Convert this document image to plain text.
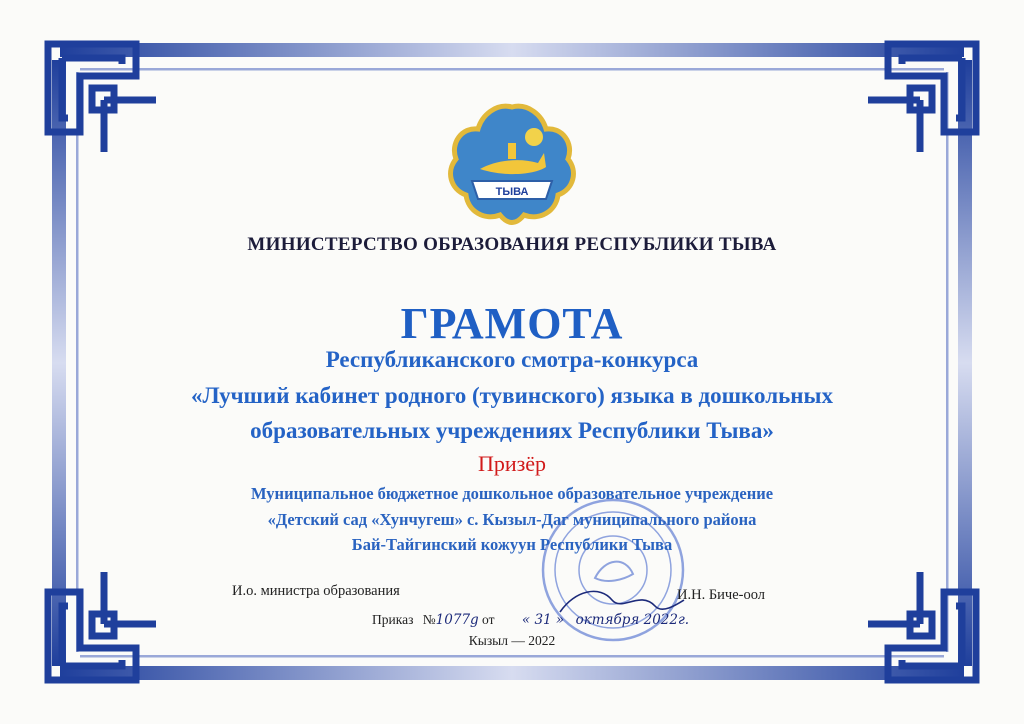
ТЫВА
МИНИСТЕРСТВО ОБРАЗОВАНИЯ РЕСПУБЛИКИ ТЫВА
ГРАМОТА
Республиканского смотра-конкурса
«Лучший кабинет родного (тувинского) языка в дошкольных
образовательных учреждениях Республики Тыва»
Призёр
Муниципальное бюджетное дошкольное образовательное учреждение
«Детский сад «Хунчугеш» с. Кызыл-Даг муниципального района
Бай-Тайгинский кожуун Республики Тыва
И.о. министра образования	И.Н. Биче-оол
Приказ №1077g от « 31 » октября 2022г.
Кызыл — 2022
